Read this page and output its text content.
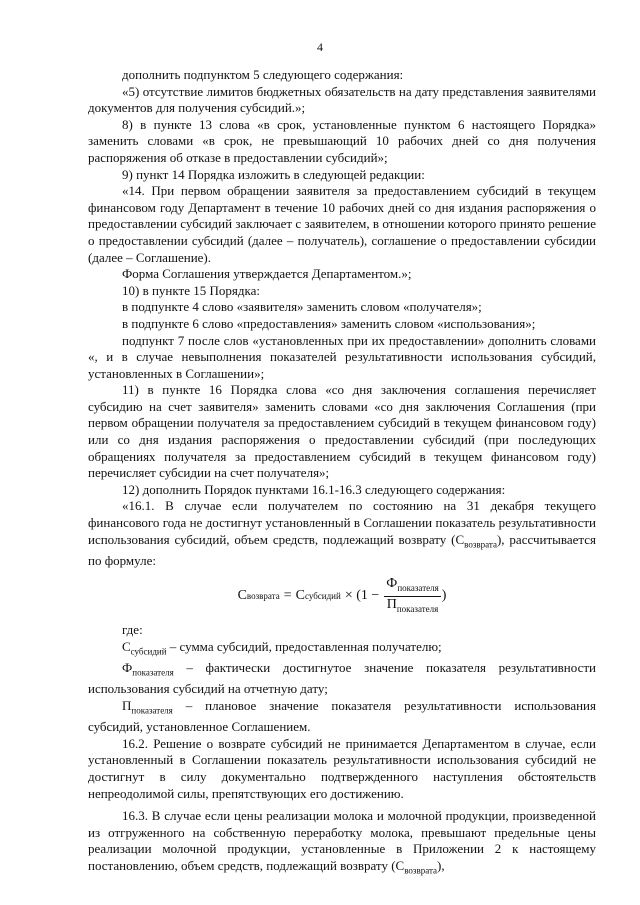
4

дополнить подпунктом 5 следующего содержания:

«5) отсутствие лимитов бюджетных обязательств на дату представления заявителями документов для получения субсидий.»;

8) в пункте 13 слова «в срок, установленные пунктом 6 настоящего Порядка» заменить словами «в срок, не превышающий 10 рабочих дней со дня получения распоряжения об отказе в предоставлении субсидий»;

9) пункт 14 Порядка изложить в следующей редакции:

«14. При первом обращении заявителя за предоставлением субсидий в текущем финансовом году Департамент в течение 10 рабочих дней со дня издания распоряжения о предоставлении субсидий заключает с заявителем, в отношении которого принято решение о предоставлении субсидий (далее – получатель), соглашение о предоставлении субсидии (далее – Соглашение).

Форма Соглашения утверждается Департаментом.»;

10) в пункте 15 Порядка:

в подпункте 4 слово «заявителя» заменить словом «получателя»;

в подпункте 6 слово «предоставления» заменить словом «использования»;

подпункт 7 после слов «установленных при их предоставлении» дополнить словами «, и в случае невыполнения показателей результативности использования субсидий, установленных в Соглашении»;

11) в пункте 16 Порядка слова «со дня заключения соглашения перечисляет субсидию на счет заявителя» заменить словами «со дня заключения Соглашения (при первом обращении получателя за предоставлением субсидий в текущем финансовом году) или со дня издания распоряжения о предоставлении субсидий (при последующих обращениях получателя за предоставлением субсидий в текущем финансовом году) перечисляет субсидии на счет получателя»;

12) дополнить Порядок пунктами 16.1-16.3 следующего содержания:

«16.1. В случае если получателем по состоянию на 31 декабря текущего финансового года не достигнут установленный в Соглашении показатель результативности использования субсидий, объем средств, подлежащий возврату $(C_{возврата})$, рассчитывается по формуле:

C возврата = C субсидий × ($1 - \frac{Ф_{показателя}}{П_{показателя}}$ )

где:

$C_{субсидий}$ – сумма субсидий, предоставленная получателю;

$Ф_{показателя}$ – фактически достигнутое значение показателя результативности использования субсидий на отчетную дату;

$П_{показателя}$ – плановое значение показателя результативности использования субсидий, установленное Соглашением.

16.2. Решение о возврате субсидий не принимается Департаментом в случае, если установленный в Соглашении показатель результативности использования субсидий не достигнут в силу документально подтвержденного наступления обстоятельств непреодолимой силы, препятствующих его достижению.

16.3. В случае если цены реализации молока и молочной продукции, произведенной из отгруженного на собственную переработку молока, превышают предельные цены реализации молочной продукции, установленные в Приложении 2 к настоящему постановлению, объем средств, подлежащий возврату $(C_{возврата})$,
